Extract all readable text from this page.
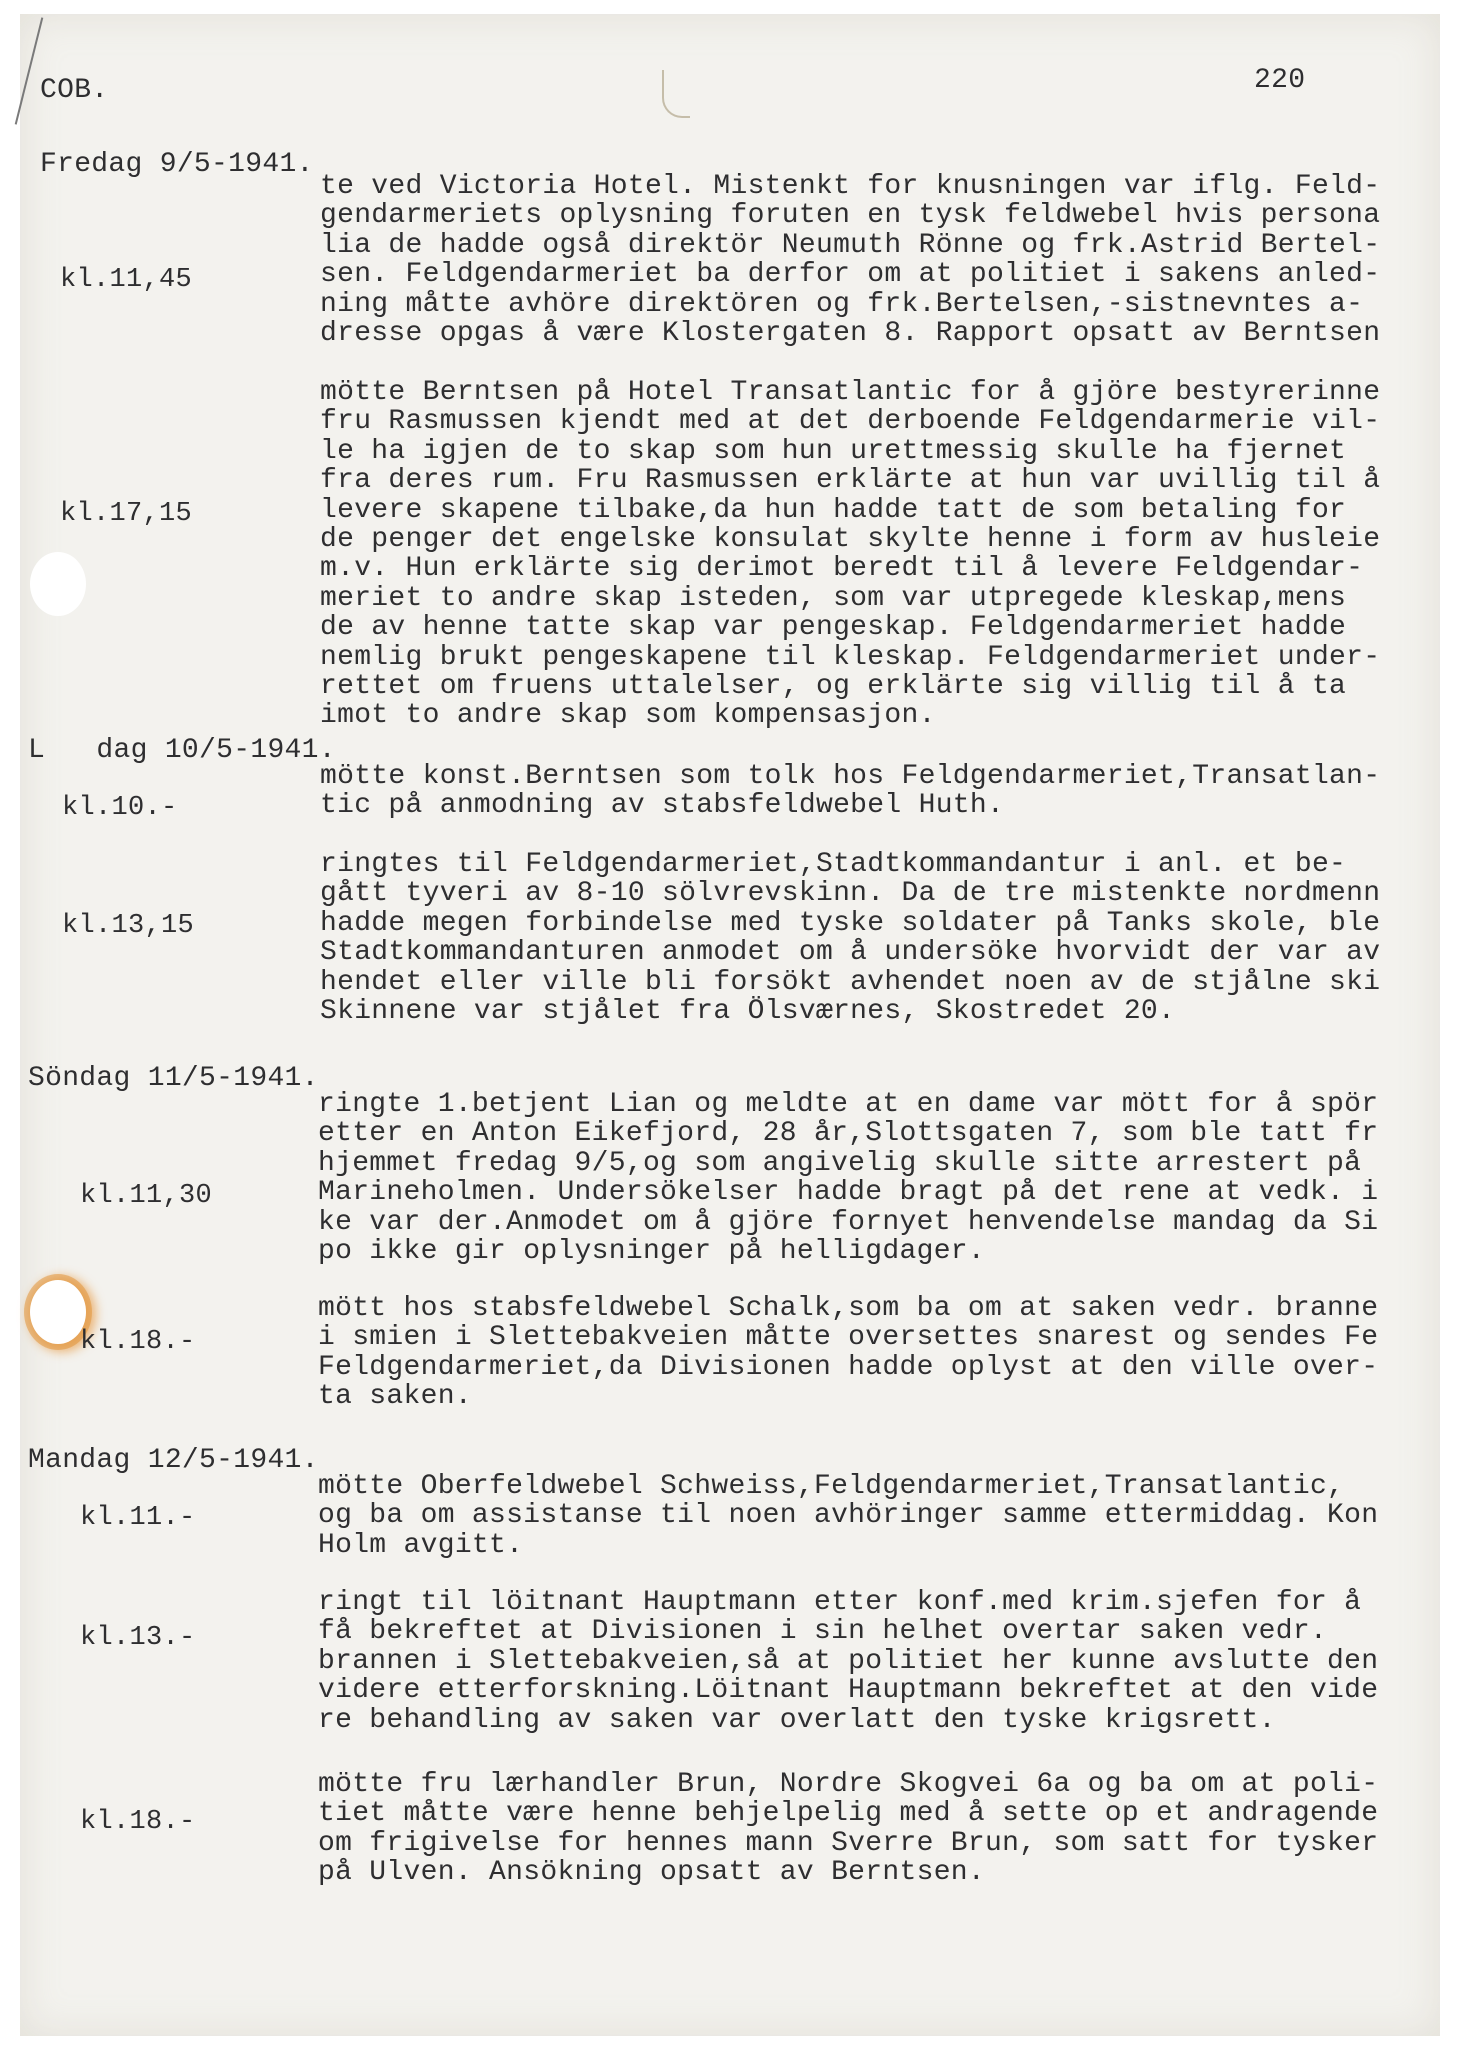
COB.	220
Fredag 9/5-1941.
kl.11,45
te ved Victoria Hotel. Mistenkt for knusningen var iflg. Feld-
gendarmeriets oplysning foruten en tysk feldwebel hvis persona
lia de hadde også direktör Neumuth Rönne og frk.Astrid Bertel-
sen. Feldgendarmeriet ba derfor om at politiet i sakens anled-
ning måtte avhöre direktören og frk.Bertelsen,-sistnevntes a-
dresse opgas å være Klostergaten 8. Rapport opsatt av Berntsen
kl.17,15
mötte Berntsen på Hotel Transatlantic for å gjöre bestyrerinne
fru Rasmussen kjendt med at det derboende Feldgendarmerie vil-
le ha igjen de to skap som hun urettmessig skulle ha fjernet
fra deres rum. Fru Rasmussen erklärte at hun var uvillig til å
levere skapene tilbake,da hun hadde tatt de som betaling for
de penger det engelske konsulat skylte henne i form av husleie
m.v. Hun erklärte sig derimot beredt til å levere Feldgendar-
meriet to andre skap isteden, som var utpregede kleskap,mens
de av henne tatte skap var pengeskap. Feldgendarmeriet hadde
nemlig brukt pengeskapene til kleskap. Feldgendarmeriet under-
rettet om fruens uttalelser, og erklärte sig villig til å ta
imot to andre skap som kompensasjon.
L   dag 10/5-1941.
kl.10.-
mötte konst.Berntsen som tolk hos Feldgendarmeriet,Transatlan-
tic på anmodning av stabsfeldwebel Huth.
kl.13,15
ringtes til Feldgendarmeriet,Stadtkommandantur i anl. et be-
gått tyveri av 8-10 sölvrevskinn. Da de tre mistenkte nordmenn
hadde megen forbindelse med tyske soldater på Tanks skole, ble
Stadtkommandanturen anmodet om å undersöke hvorvidt der var av
hendet eller ville bli forsökt avhendet noen av de stjålne ski
Skinnene var stjålet fra Ölsværnes, Skostredet 20.
Söndag 11/5-1941.
kl.11,30
ringte 1.betjent Lian og meldte at en dame var mött for å spör
etter en Anton Eikefjord, 28 år,Slottsgaten 7, som ble tatt fr
hjemmet fredag 9/5,og som angivelig skulle sitte arrestert på
Marineholmen. Undersökelser hadde bragt på det rene at vedk. i
ke var der.Anmodet om å gjöre fornyet henvendelse mandag da Si
po ikke gir oplysninger på helligdager.
kl.18.-
mött hos stabsfeldwebel Schalk,som ba om at saken vedr. branne
i smien i Slettebakveien måtte oversettes snarest og sendes Fe
Feldgendarmeriet,da Divisionen hadde oplyst at den ville over-
ta saken.
Mandag 12/5-1941.
kl.11.-
mötte Oberfeldwebel Schweiss,Feldgendarmeriet,Transatlantic,
og ba om assistanse til noen avhöringer samme ettermiddag. Kon
Holm avgitt.
kl.13.-
ringt til löitnant Hauptmann etter konf.med krim.sjefen for å
få bekreftet at Divisionen i sin helhet overtar saken vedr.
brannen i Slettebakveien,så at politiet her kunne avslutte den
videre etterforskning.Löitnant Hauptmann bekreftet at den vide
re behandling av saken var overlatt den tyske krigsrett.
kl.18.-
mötte fru lærhandler Brun, Nordre Skogvei 6a og ba om at poli-
tiet måtte være henne behjelpelig med å sette op et andragende
om frigivelse for hennes mann Sverre Brun, som satt for tysker
på Ulven. Ansökning opsatt av Berntsen.
